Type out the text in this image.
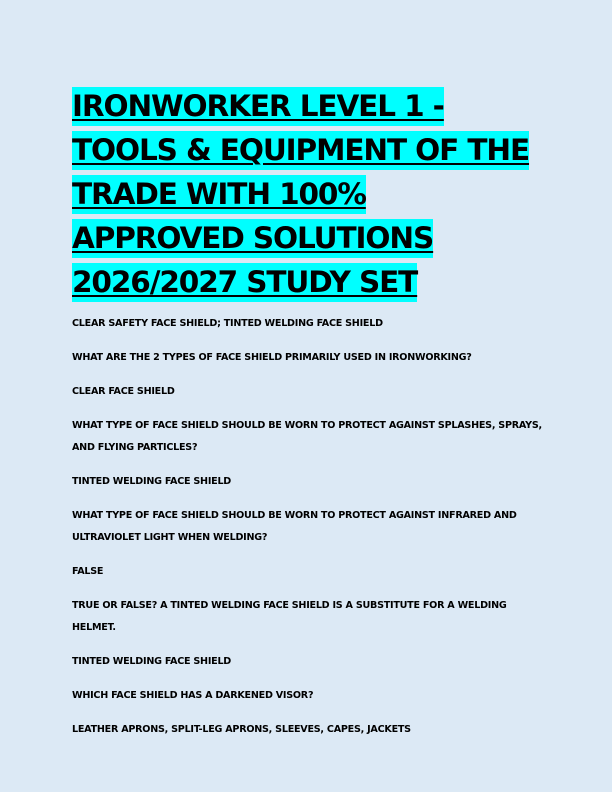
IRONWORKER LEVEL 1 - TOOLS & EQUIPMENT OF THE TRADE WITH 100% APPROVED SOLUTIONS 2026/2027 STUDY SET
CLEAR SAFETY FACE SHIELD; TINTED WELDING FACE SHIELD
WHAT ARE THE 2 TYPES OF FACE SHIELD PRIMARILY USED IN IRONWORKING?
CLEAR FACE SHIELD
WHAT TYPE OF FACE SHIELD SHOULD BE WORN TO PROTECT AGAINST SPLASHES, SPRAYS, AND FLYING PARTICLES?
TINTED WELDING FACE SHIELD
WHAT TYPE OF FACE SHIELD SHOULD BE WORN TO PROTECT AGAINST INFRARED AND ULTRAVIOLET LIGHT WHEN WELDING?
FALSE
TRUE OR FALSE? A TINTED WELDING FACE SHIELD IS A SUBSTITUTE FOR A WELDING HELMET.
TINTED WELDING FACE SHIELD
WHICH FACE SHIELD HAS A DARKENED VISOR?
LEATHER APRONS, SPLIT-LEG APRONS, SLEEVES, CAPES, JACKETS
